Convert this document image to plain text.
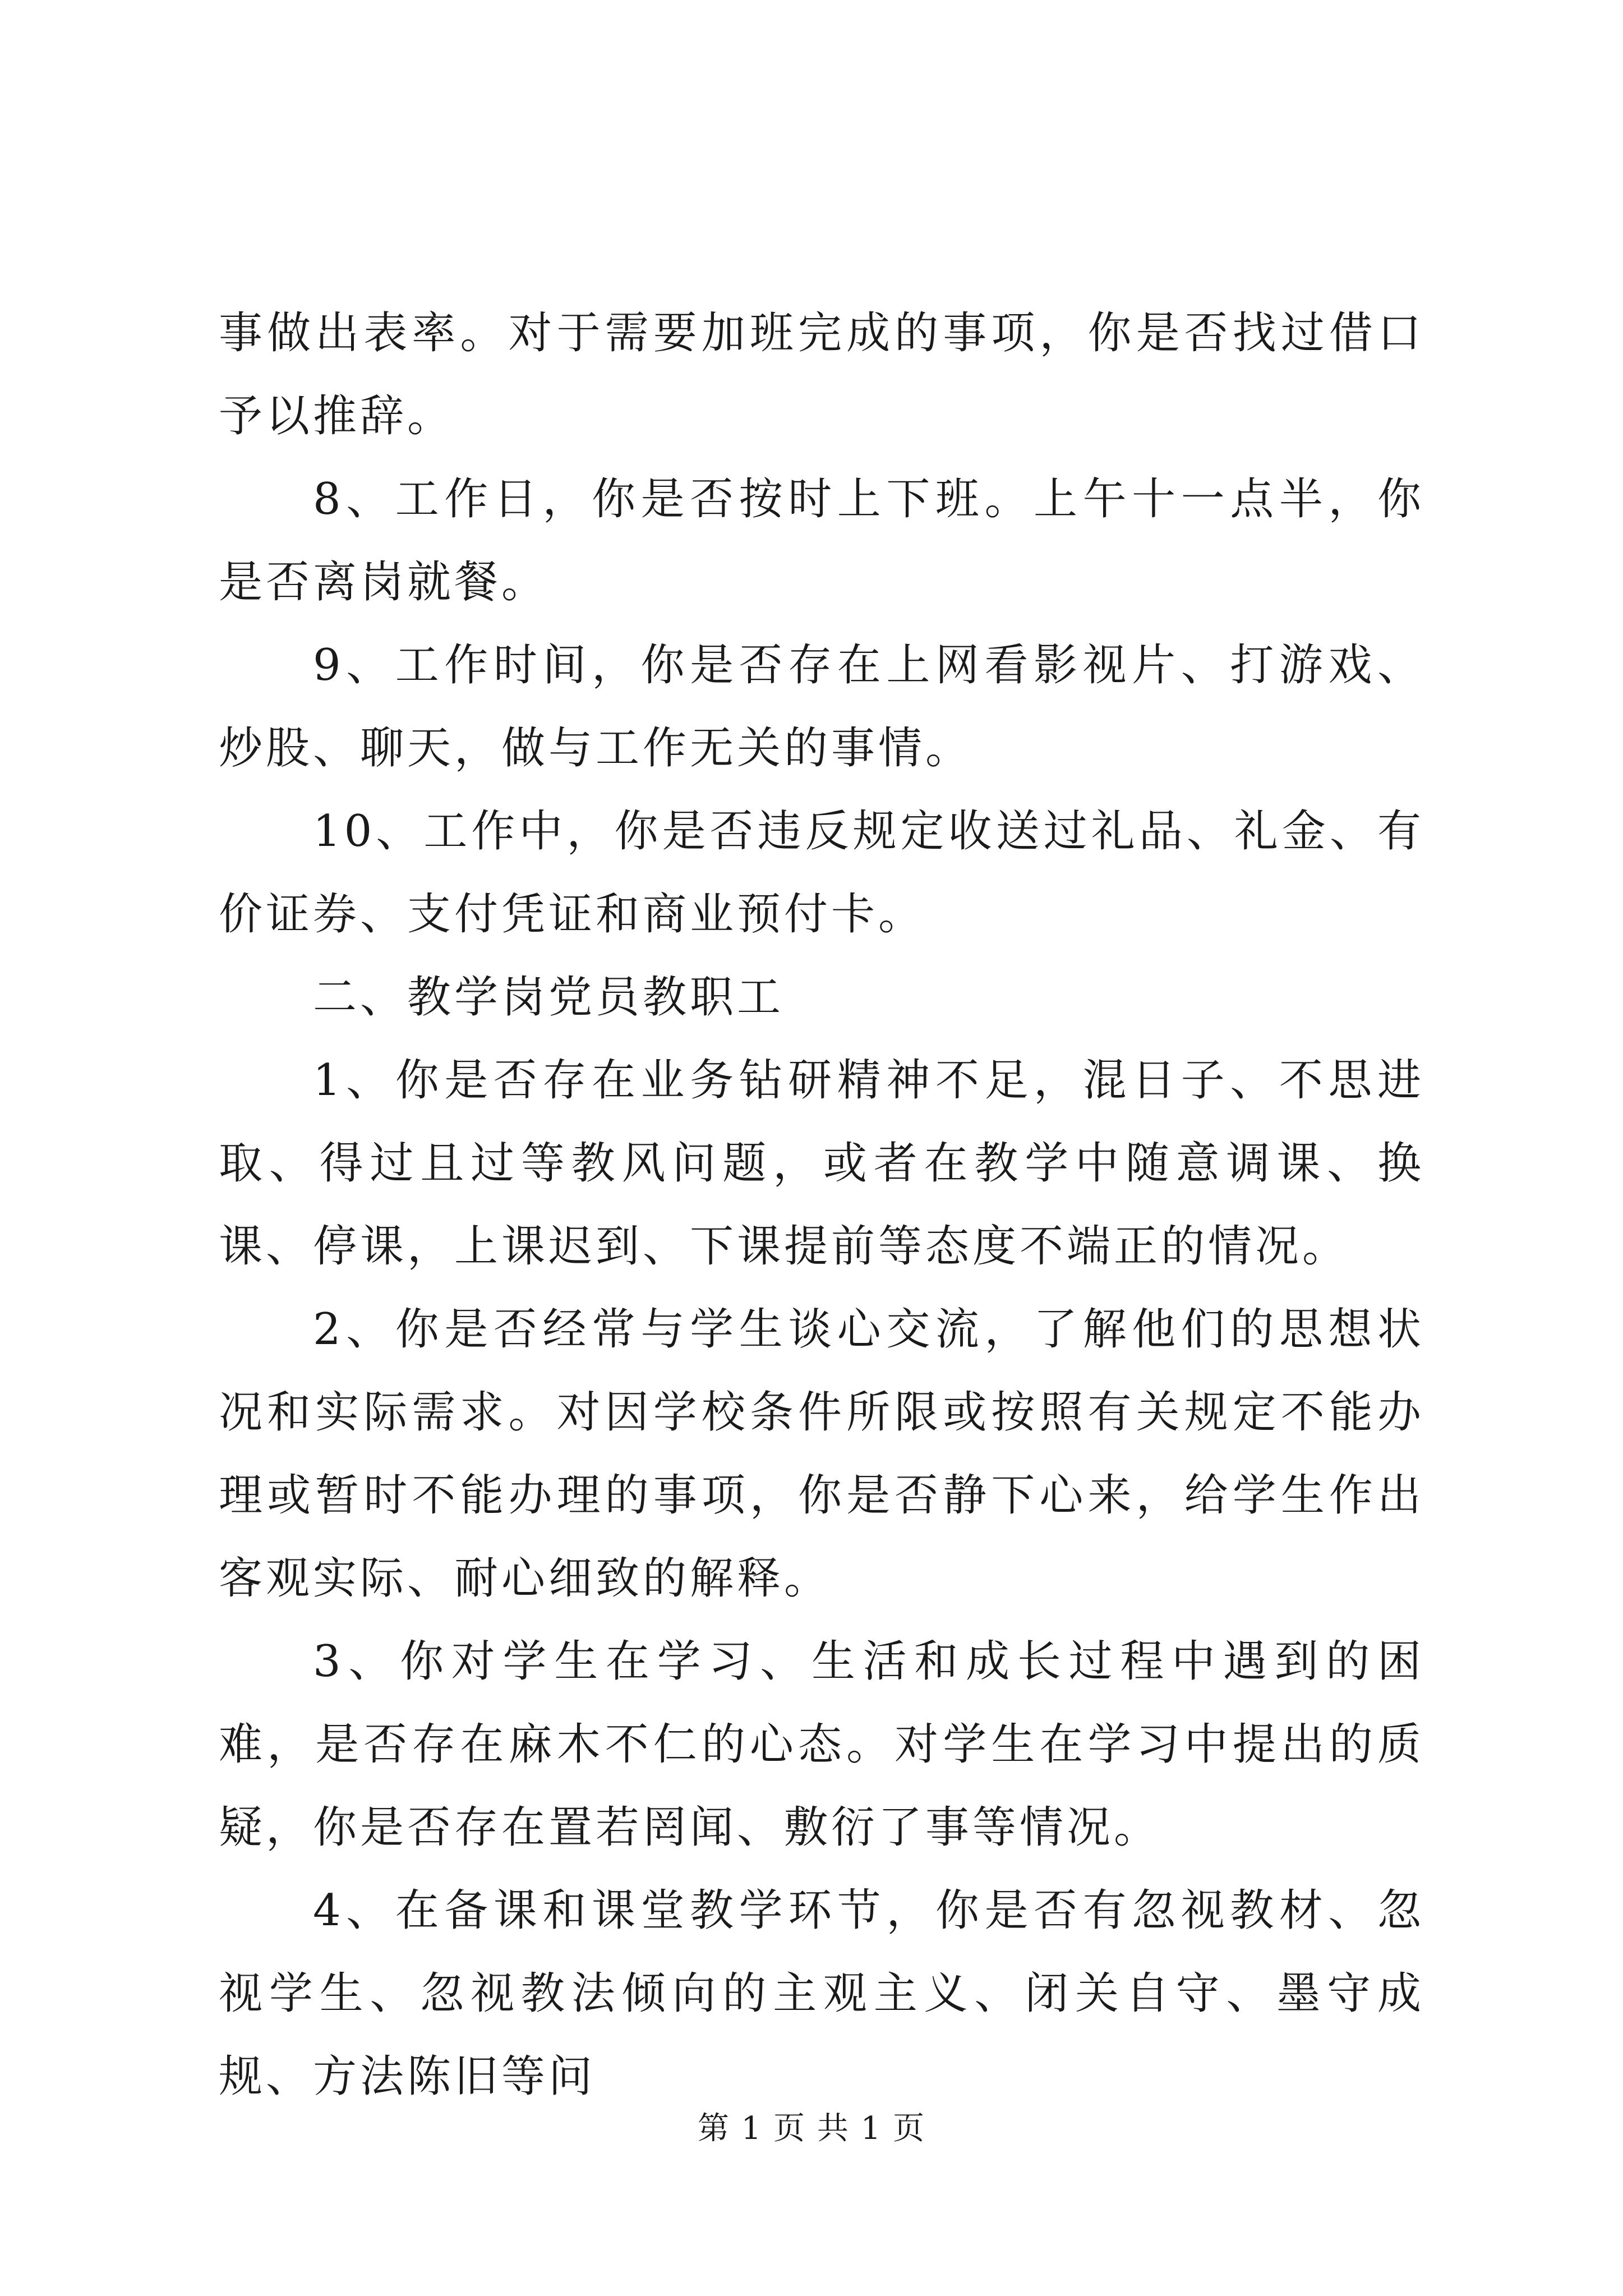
事做出表率。对于需要加班完成的事项，你是否找过借口予以推辞。

8、工作日，你是否按时上下班。上午十一点半，你是否离岗就餐。

9、工作时间，你是否存在上网看影视片、打游戏、炒股、聊天，做与工作无关的事情。

10、工作中，你是否违反规定收送过礼品、礼金、有价证券、支付凭证和商业预付卡。

二、教学岗党员教职工

1、你是否存在业务钻研精神不足，混日子、不思进取、得过且过等教风问题，或者在教学中随意调课、换课、停课，上课迟到、下课提前等态度不端正的情况。

2、你是否经常与学生谈心交流，了解他们的思想状况和实际需求。对因学校条件所限或按照有关规定不能办理或暂时不能办理的事项，你是否静下心来，给学生作出客观实际、耐心细致的解释。

3、你对学生在学习、生活和成长过程中遇到的困难，是否存在麻木不仁的心态。对学生在学习中提出的质疑，你是否存在置若罔闻、敷衍了事等情况。

4、在备课和课堂教学环节，你是否有忽视教材、忽视学生、忽视教法倾向的主观主义、闭关自守、墨守成规、方法陈旧等问

第 1 页 共 1 页
